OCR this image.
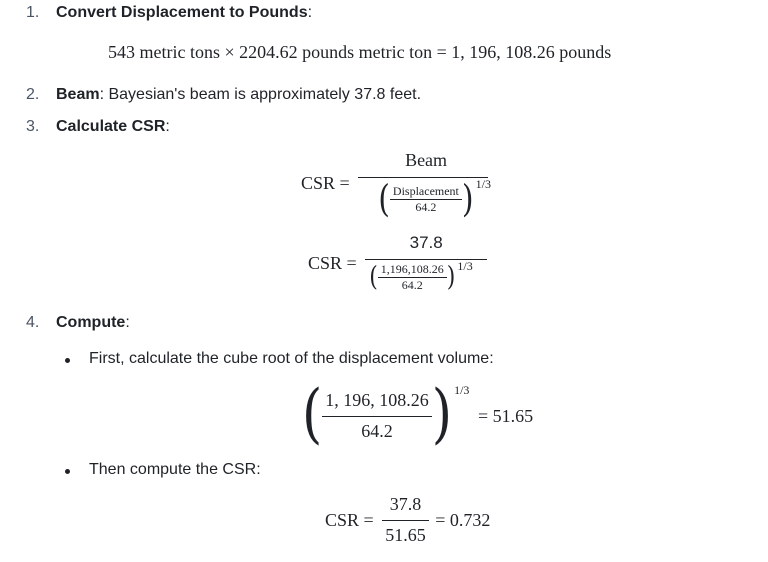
1. Convert Displacement to Pounds:
543 metric tons × 2204.62 pounds metric ton = 1, 196, 108.26 pounds
2. Beam: Bayesian's beam is approximately 37.8 feet.
3. Calculate CSR:
CSR =
Beam
( $\frac{\text{Displacement}}{64.2}$ ) 1/3
CSR =
37.8
( $\frac{1,196,108.26}{64.2}$ ) 1/3
4. Compute:
First, calculate the cube root of the displacement volume:
( $\frac{1, 196, 108.26}{64.2}$ ) 1/3 = 51.65
Then compute the CSR:
CSR = $\frac{37.8}{51.65} = 0.732$
